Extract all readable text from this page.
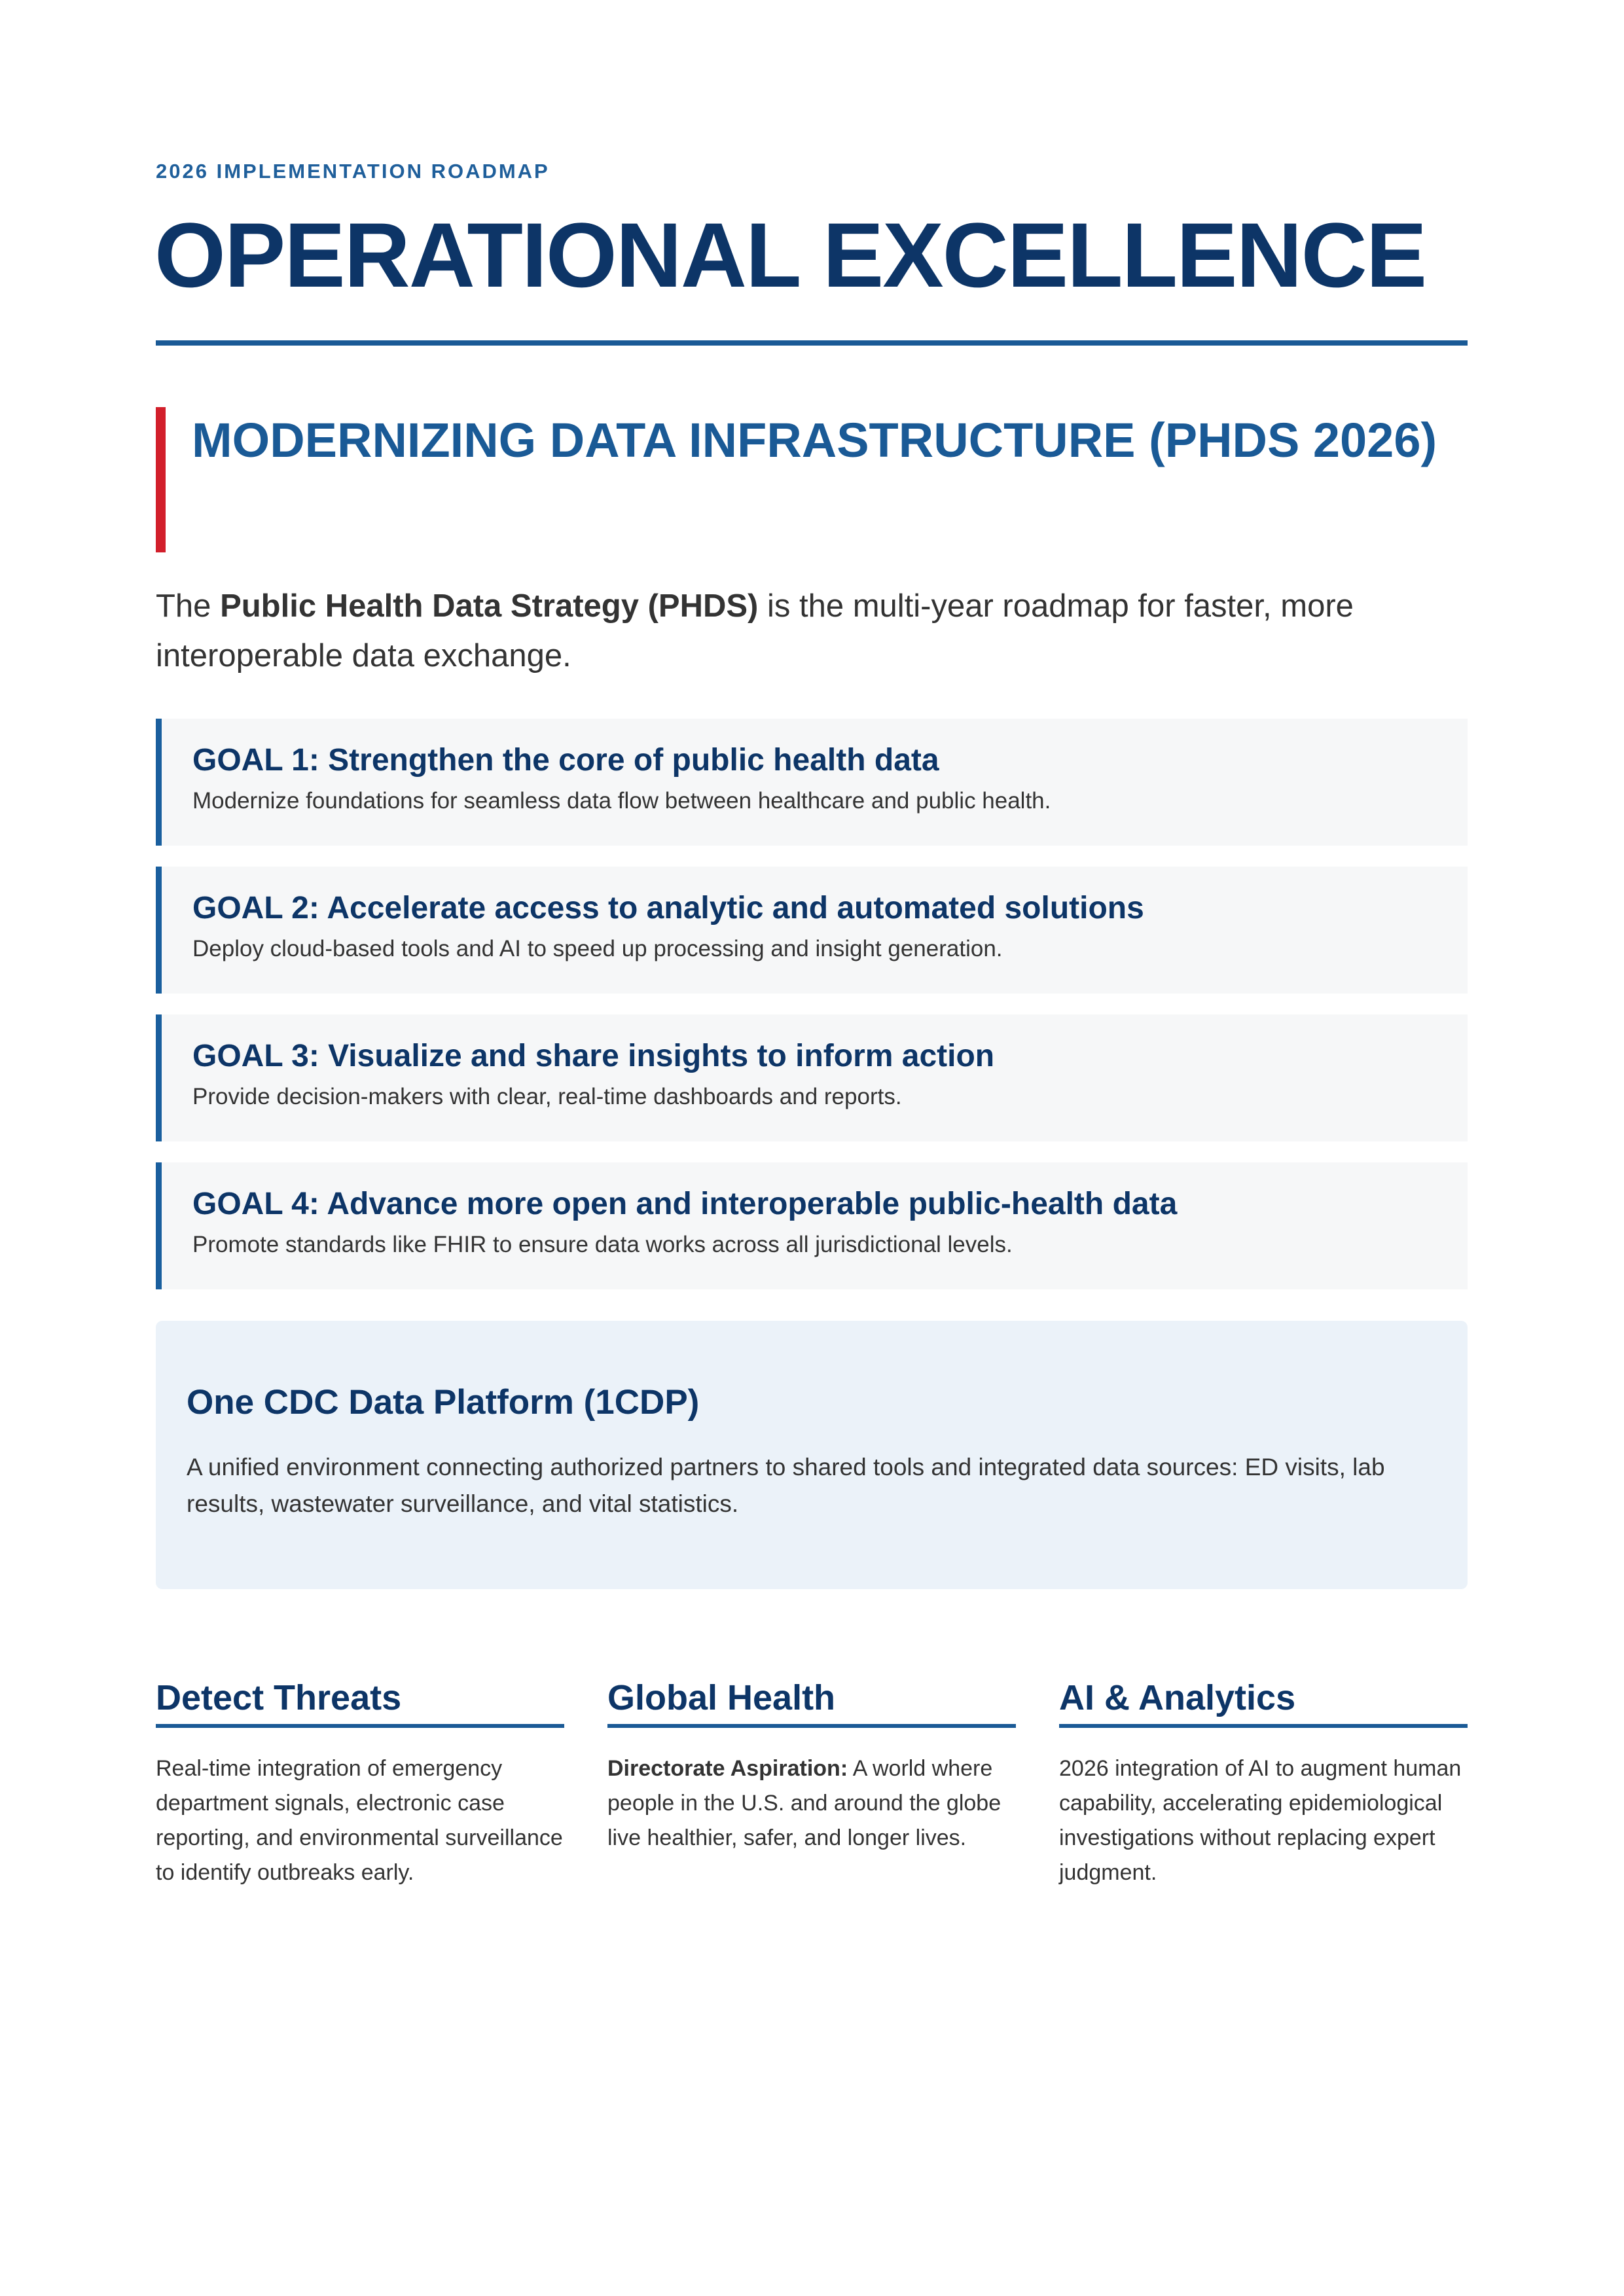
2026 IMPLEMENTATION ROADMAP
OPERATIONAL EXCELLENCE
MODERNIZING DATA INFRASTRUCTURE (PHDS 2026)

The Public Health Data Strategy (PHDS) is the multi-year roadmap for faster, more interoperable data exchange.

GOAL 1: Strengthen the core of public health data
Modernize foundations for seamless data flow between healthcare and public health.
GOAL 2: Accelerate access to analytic and automated solutions
Deploy cloud-based tools and AI to speed up processing and insight generation.
GOAL 3: Visualize and share insights to inform action
Provide decision-makers with clear, real-time dashboards and reports.
GOAL 4: Advance more open and interoperable public-health data
Promote standards like FHIR to ensure data works across all jurisdictional levels.
One CDC Data Platform (1CDP)
A unified environment connecting authorized partners to shared tools and integrated data sources: ED visits, lab results, wastewater surveillance, and vital statistics.
Detect Threats

Real-time integration of emergency department signals, electronic case reporting, and environmental surveillance to identify outbreaks early.

Global Health

Directorate Aspiration: A world where people in the U.S. and around the globe live healthier, safer, and longer lives.

AI & Analytics

2026 integration of AI to augment human capability, accelerating epidemiological investigations without replacing expert judgment.
